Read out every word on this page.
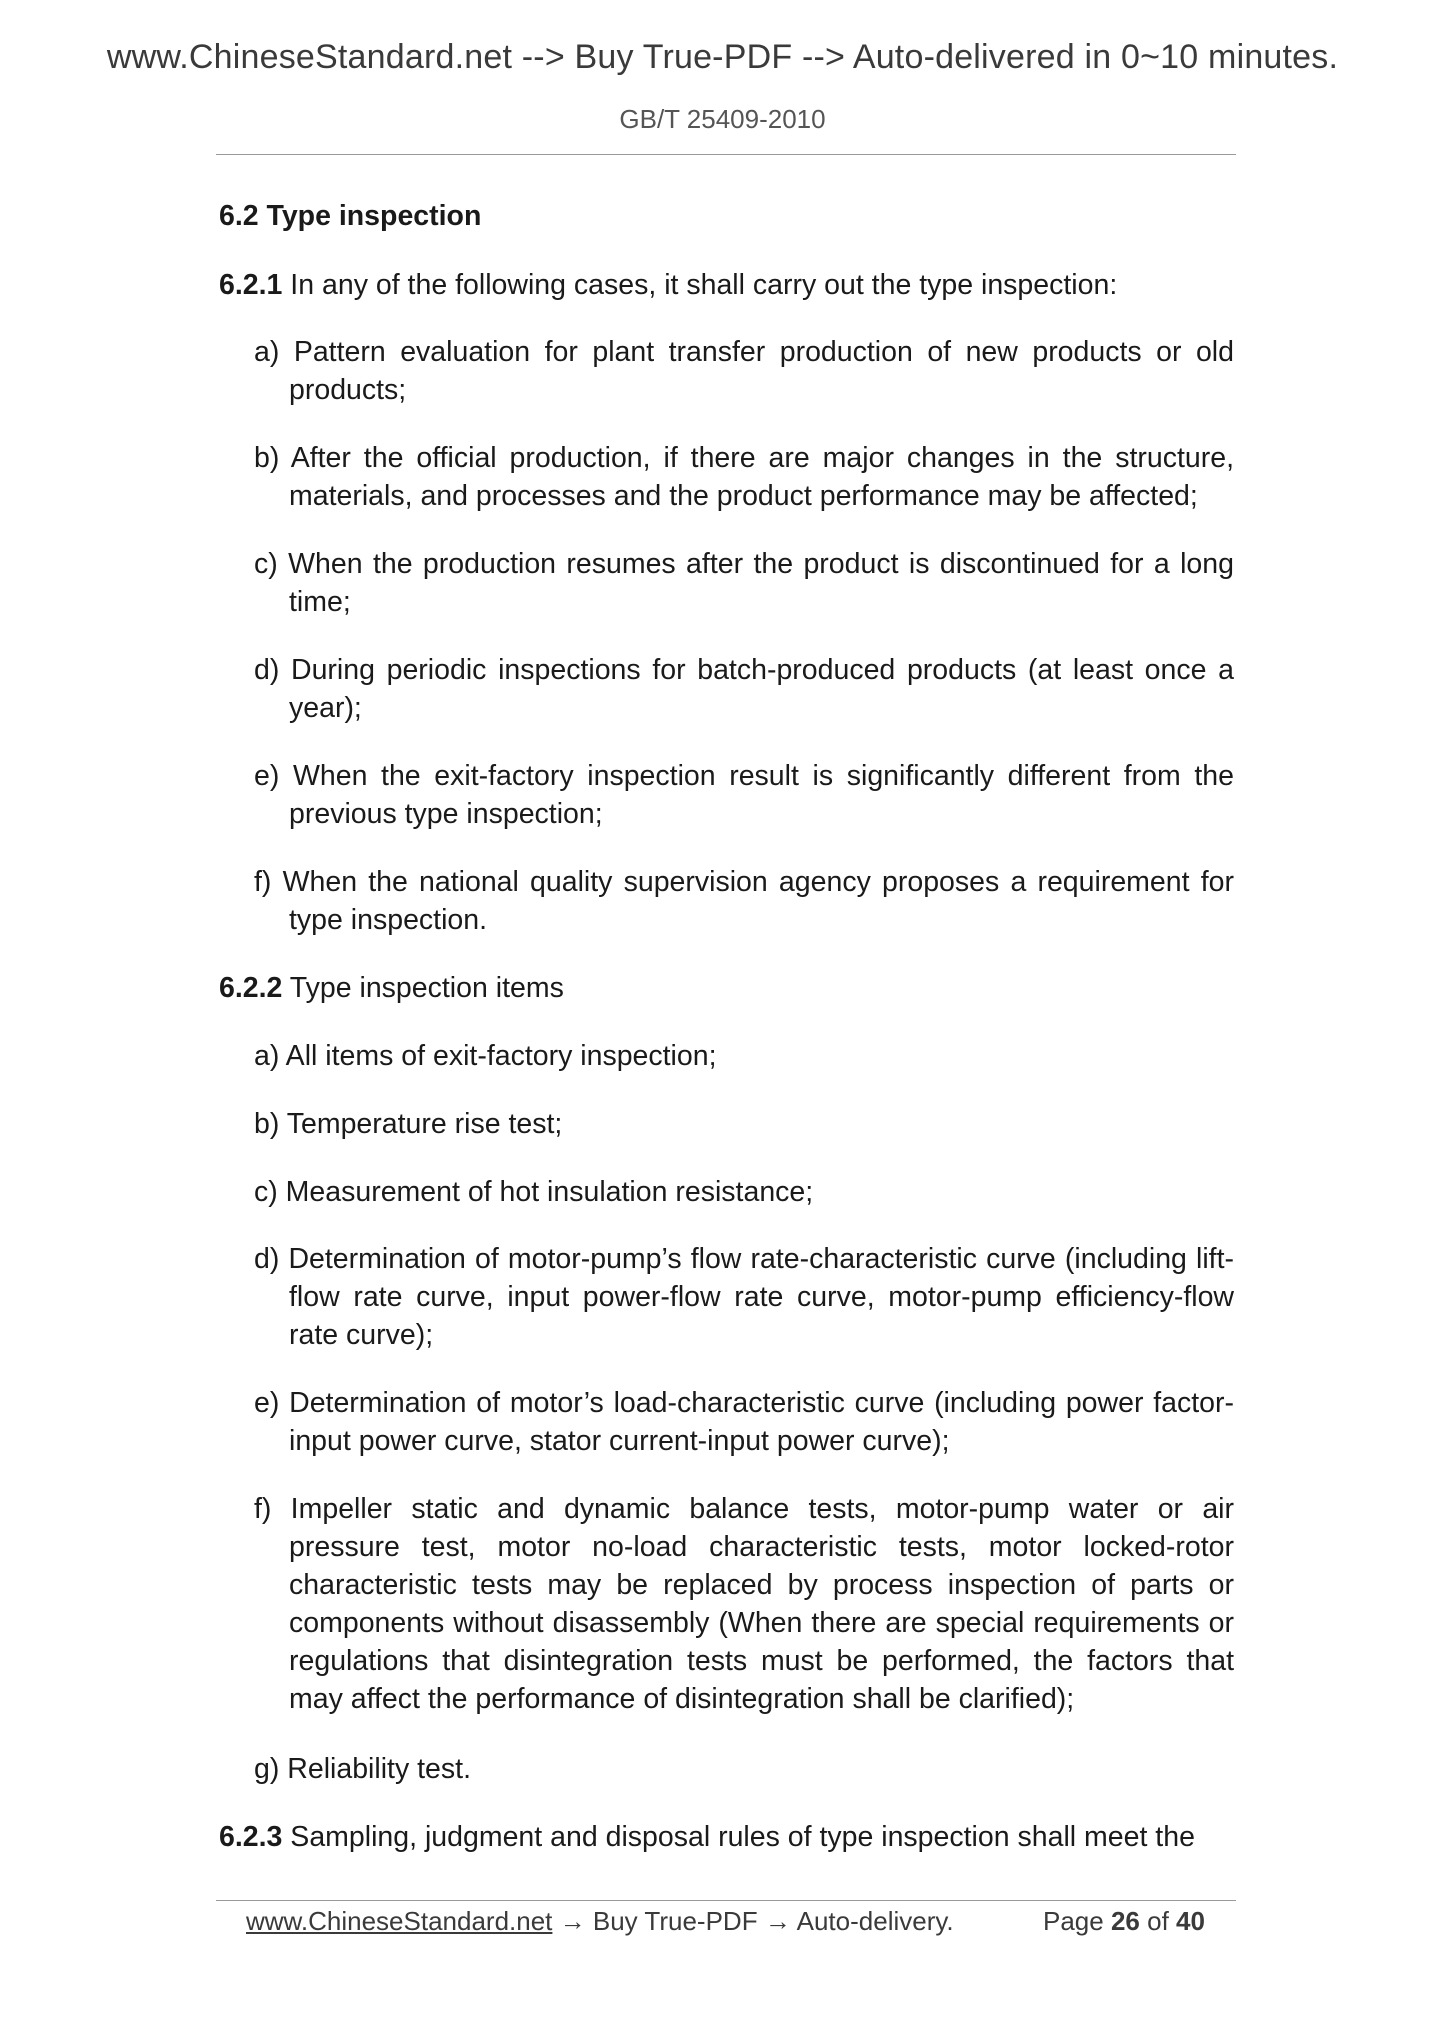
www.ChineseStandard.net --> Buy True-PDF --> Auto-delivered in 0~10 minutes.
GB/T 25409-2010
6.2 Type inspection
6.2.1 In any of the following cases, it shall carry out the type inspection:
a) Pattern evaluation for plant transfer production of new products or old products;
b) After the official production, if there are major changes in the structure, materials, and processes and the product performance may be affected;
c) When the production resumes after the product is discontinued for a long time;
d) During periodic inspections for batch-produced products (at least once a year);
e) When the exit-factory inspection result is significantly different from the previous type inspection;
f) When the national quality supervision agency proposes a requirement for type inspection.
6.2.2 Type inspection items
a) All items of exit-factory inspection;
b) Temperature rise test;
c) Measurement of hot insulation resistance;
d) Determination of motor-pump’s flow rate-characteristic curve (including lift-flow rate curve, input power-flow rate curve, motor-pump efficiency-flow rate curve);
e) Determination of motor’s load-characteristic curve (including power factor-input power curve, stator current-input power curve);
f) Impeller static and dynamic balance tests, motor-pump water or air pressure test, motor no-load characteristic tests, motor locked-rotor characteristic tests may be replaced by process inspection of parts or components without disassembly (When there are special requirements or regulations that disintegration tests must be performed, the factors that may affect the performance of disintegration shall be clarified);
g) Reliability test.
6.2.3 Sampling, judgment and disposal rules of type inspection shall meet the
www.ChineseStandard.net → Buy True-PDF → Auto-delivery.	Page 26 of 40
